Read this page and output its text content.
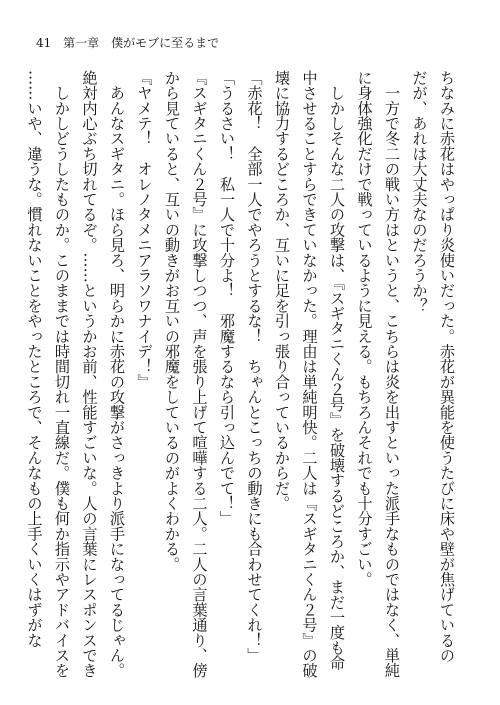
41 第一章　僕がモブに至るまで
ちなみに赤花はやっぱり炎使いだった。赤花が異能を使うたびに床や壁が焦げているの
だが、あれは大丈夫なのだろうか？
　一方で冬二の戦い方はというと、こちらは炎を出すといった派手なものではなく、単純
に身体強化だけで戦っているように見える。もちろんそれでも十分すごい。
　しかしそんな二人の攻撃は、『スギタニくん２号』を破壊するどころか、まだ一度も命
中させることすらできていなかった。理由は単純明快。二人は『スギタニくん２号』の破
壊に協力するどころか、互いに足を引っ張り合っているからだ。
「赤花！　全部一人でやろうとするな！　ちゃんとこっちの動きにも合わせてくれ！」
「うるさい！　私一人で十分よ！　邪魔するなら引っ込んでて！」
『スギタニくん２号』に攻撃しつつ、声を張り上げて喧嘩する二人。二人の言葉通り、傍
から見ていると、互いの動きがお互いの邪魔をしているのがよくわかる。
『ヤメテ！　オレノタメニアラソワナイデ！』
　あんなスギタニ。ほら見ろ、明らかに赤花の攻撃がさっきより派手になってるじゃん。
絶対内心ぶち切れてるぞ。……というかお前、性能すごいな。人の言葉にレスポンスでき
　しかしどうしたものか。このままでは時間切れ一直線だ。僕も何か指示やアドバイスを
……いや、違うな。慣れないことをやったところで、そんなもの上手くいくはずがな
